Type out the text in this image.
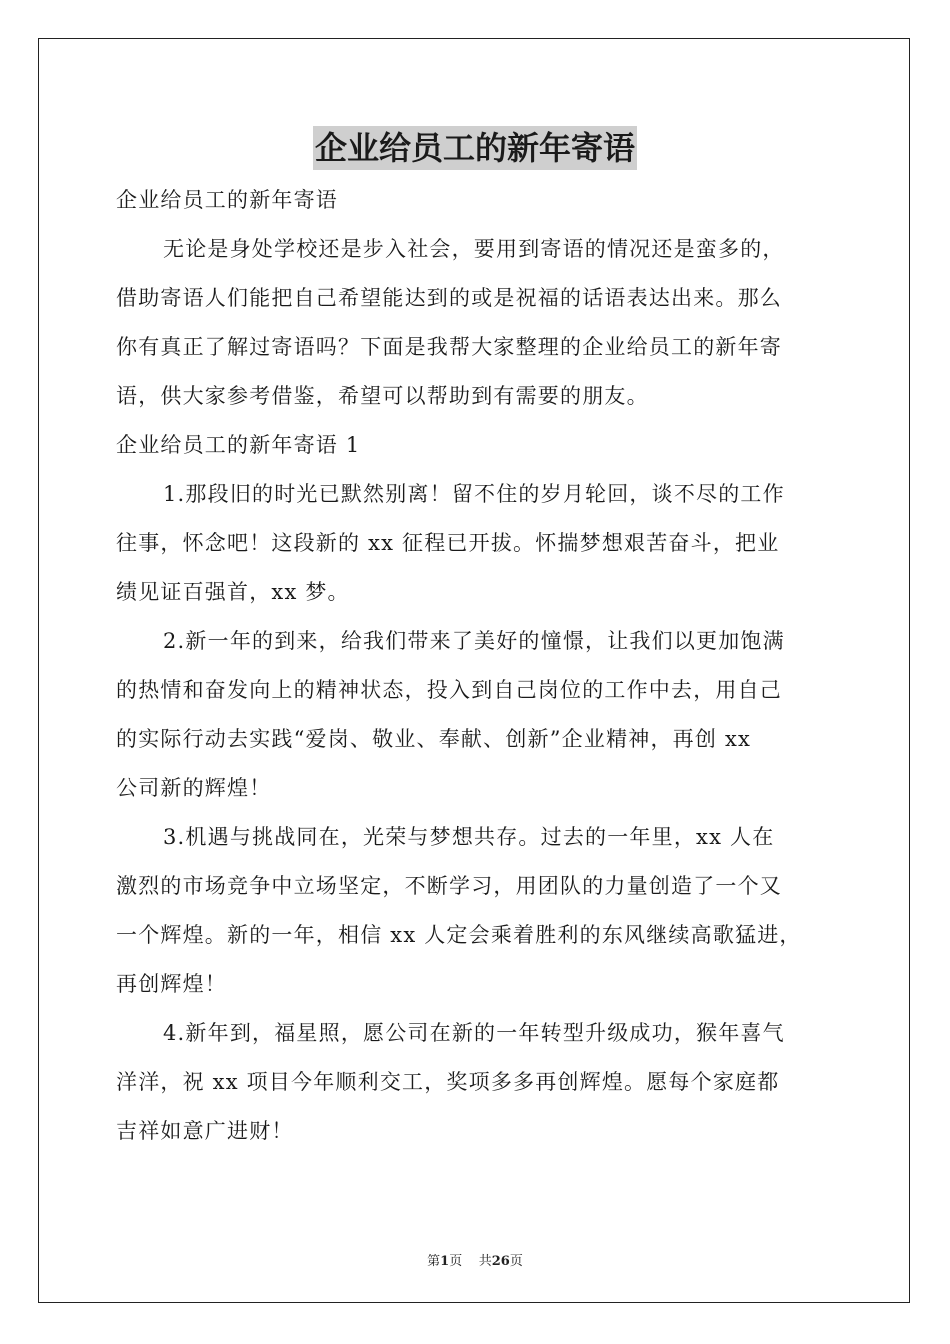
企业给员工的新年寄语
企业给员工的新年寄语
无论是身处学校还是步入社会，要用到寄语的情况还是蛮多的，
借助寄语人们能把自己希望能达到的或是祝福的话语表达出来。那么
你有真正了解过寄语吗？下面是我帮大家整理的企业给员工的新年寄
语，供大家参考借鉴，希望可以帮助到有需要的朋友。
企业给员工的新年寄语 1
1.那段旧的时光已默然别离！留不住的岁月轮回，谈不尽的工作
往事，怀念吧！这段新的 xx 征程已开拔。怀揣梦想艰苦奋斗，把业
绩见证百强首，xx 梦。
2.新一年的到来，给我们带来了美好的憧憬，让我们以更加饱满
的热情和奋发向上的精神状态，投入到自己岗位的工作中去，用自己
的实际行动去实践“爱岗、敬业、奉献、创新”企业精神，再创 xx
公司新的辉煌！
3.机遇与挑战同在，光荣与梦想共存。过去的一年里，xx 人在
激烈的市场竞争中立场坚定，不断学习，用团队的力量创造了一个又
一个辉煌。新的一年，相信 xx 人定会乘着胜利的东风继续高歌猛进，
再创辉煌！
4.新年到，福星照，愿公司在新的一年转型升级成功，猴年喜气
洋洋，祝 xx 项目今年顺利交工，奖项多多再创辉煌。愿每个家庭都
吉祥如意广进财！
第1页 共26页
